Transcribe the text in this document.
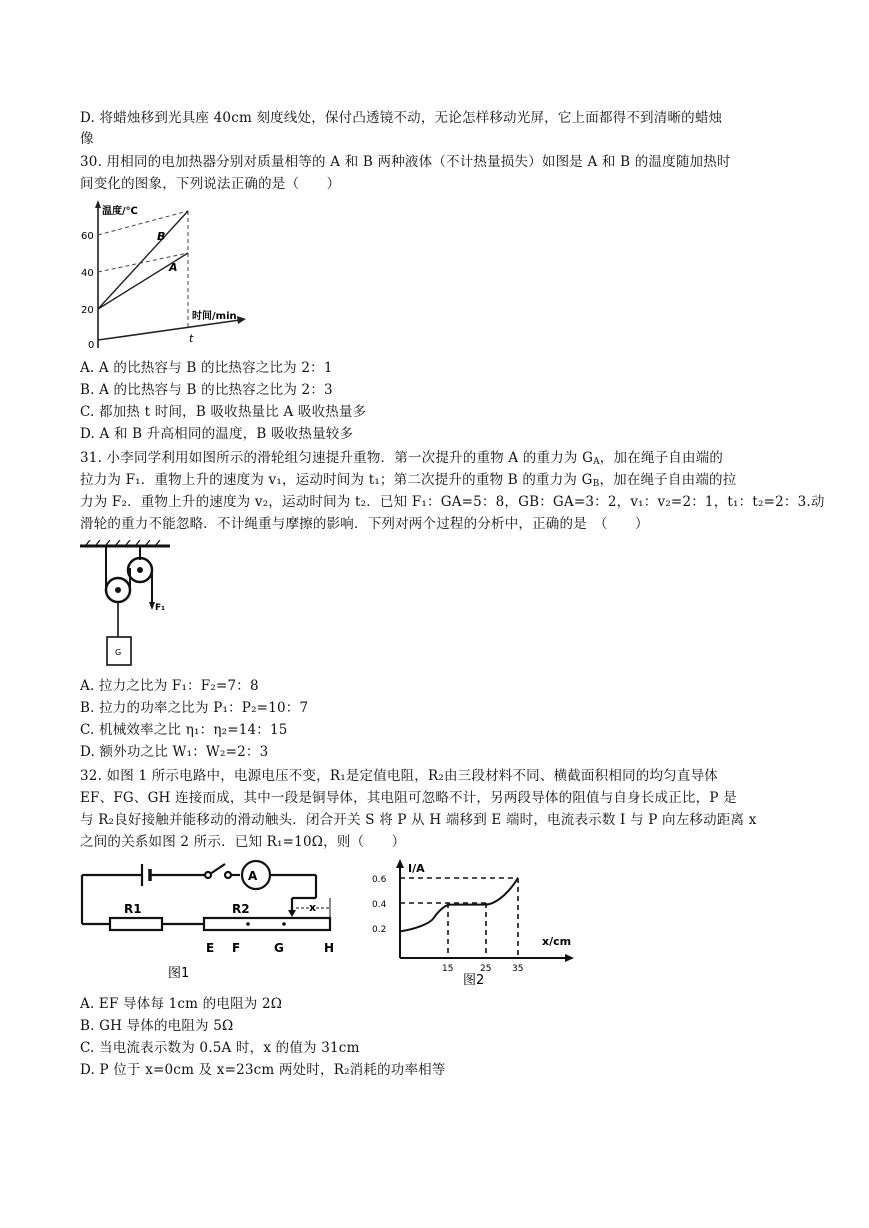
D. 将蜡烛移到光具座 40cm 刻度线处，保付凸透镜不动，无论怎样移动光屏，它上面都得不到清晰的蜡烛
像
30. 用相同的电加热器分别对质量相等的 A 和 B 两种液体（不计热量损失）如图是 A 和 B 的温度随加热时
间变化的图象，下列说法正确的是（　　）
温度/℃
时间/min
60
40
20
0
t
B
A
A. A 的比热容与 B 的比热容之比为 2：1
B. A 的比热容与 B 的比热容之比为 2：3
C. 都加热 t 时间，B 吸收热量比 A 吸收热量多
D. A 和 B 升高相同的温度，B 吸收热量较多
31. 小李同学利用如图所示的滑轮组匀速提升重物．第一次提升的重物 A 的重力为 $G_A$，加在绳子自由端的
拉力为 F₁．重物上升的速度为 v₁，运动时间为 t₁；第二次提升的重物 B 的重力为 $G_B$，加在绳子自由端的拉
力为 F₂．重物上升的速度为 v₂，运动时间为 t₂．已知 F₁：GA=5：8，GB：GA=3：2，v₁：v₂=2：1，t₁：t₂=2：3.动
滑轮的重力不能忽略．不计绳重与摩擦的影响．下列对两个过程的分析中，正确的是　（　　）
F₁
G
A. 拉力之比为 F₁：F₂=7：8
B. 拉力的功率之比为 P₁：P₂=10：7
C. 机械效率之比 η₁：η₂=14：15
D. 额外功之比 W₁：W₂=2：3
32. 如图 1 所示电路中，电源电压不变，R₁是定值电阻，R₂由三段材料不同、横截面积相同的均匀直导体
EF、FG、GH 连接而成，其中一段是铜导体，其电阻可忽略不计，另两段导体的阻值与自身长成正比，P 是
与 R₂良好接触并能移动的滑动触头．闭合开关 S 将 P 从 H 端移到 E 端时，电流表示数 I 与 P 向左移动距离 x
之间的关系如图 2 所示．已知 R₁=10Ω，则（　　）
A
R1	R2	x
E F	G	H
图1
I/A
x/cm
0.6
0.4
0.2
15	25 35
图2
A. EF 导体每 1cm 的电阻为 2Ω
B. GH 导体的电阻为 5Ω
C. 当电流表示数为 0.5A 时，x 的值为 31cm
D. P 位于 x=0cm 及 x=23cm 两处时，R₂消耗的功率相等
